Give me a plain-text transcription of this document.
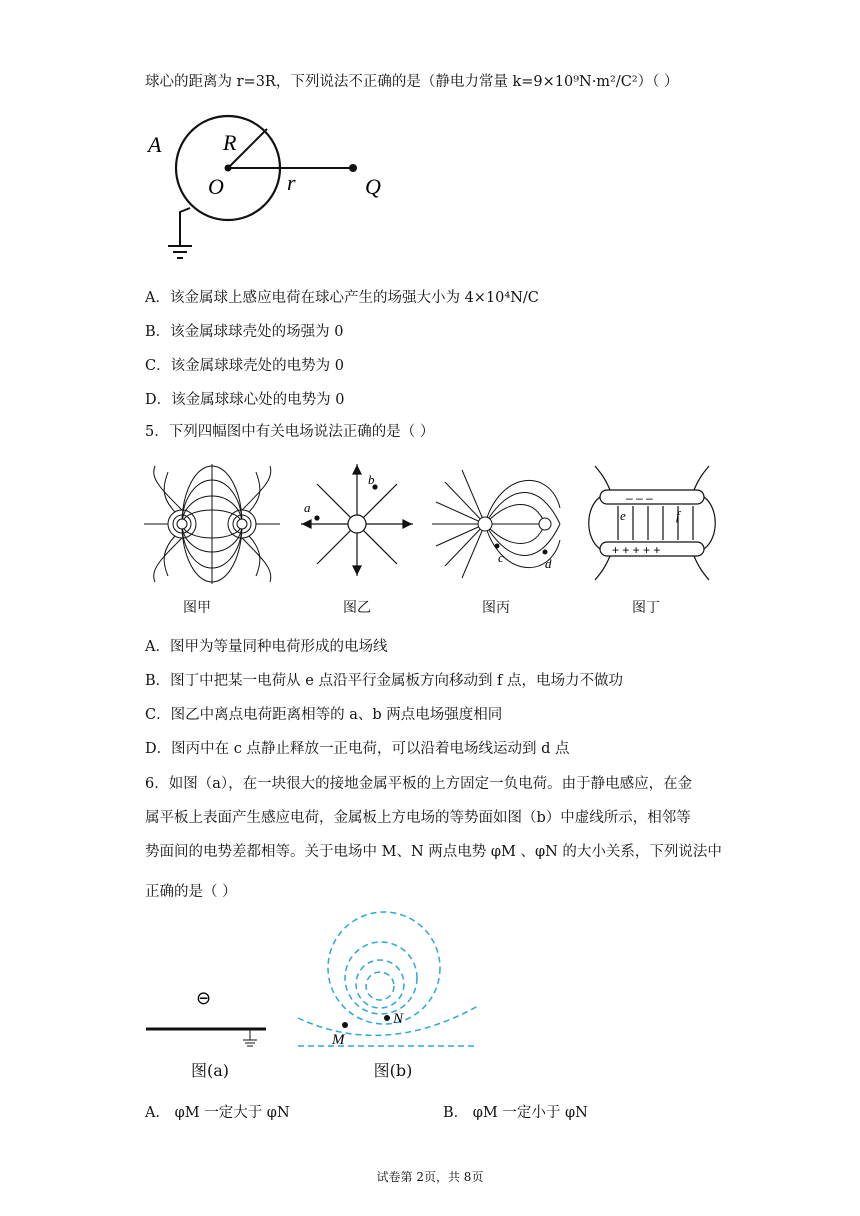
球心的距离为 r=3R，下列说法不正确的是（静电力常量 k=9×10⁹N·m²/C²）（ ）
A	R
O	r	Q
A．该金属球上感应电荷在球心产生的场强大小为 4×10⁴N/C
B．该金属球球壳处的场强为 0
C．该金属球球壳处的电势为 0
D．该金属球球心处的电势为 0
5．下列四幅图中有关电场说法正确的是（ ）
a
b
c	d
– – –
+ + + + +
e	f
图甲	图乙	图丙	图丁
A．图甲为等量同种电荷形成的电场线
B．图丁中把某一电荷从 e 点沿平行金属板方向移动到 f 点，电场力不做功
C．图乙中离点电荷距离相等的 a、b 两点电场强度相同
D．图丙中在 c 点静止释放一正电荷，可以沿着电场线运动到 d 点
6．如图（a），在一块很大的接地金属平板的上方固定一负电荷。由于静电感应，在金
属平板上表面产生感应电荷，金属板上方电场的等势面如图（b）中虚线所示，相邻等
势面间的电势差都相等。关于电场中 M、N 两点电势 φM 、φN 的大小关系，下列说法中
正确的是（ ）
⊖
M
N
图(a)	图(b)
A． φM 一定大于 φN	B． φM 一定小于 φN
试卷第 2页，共 8页
